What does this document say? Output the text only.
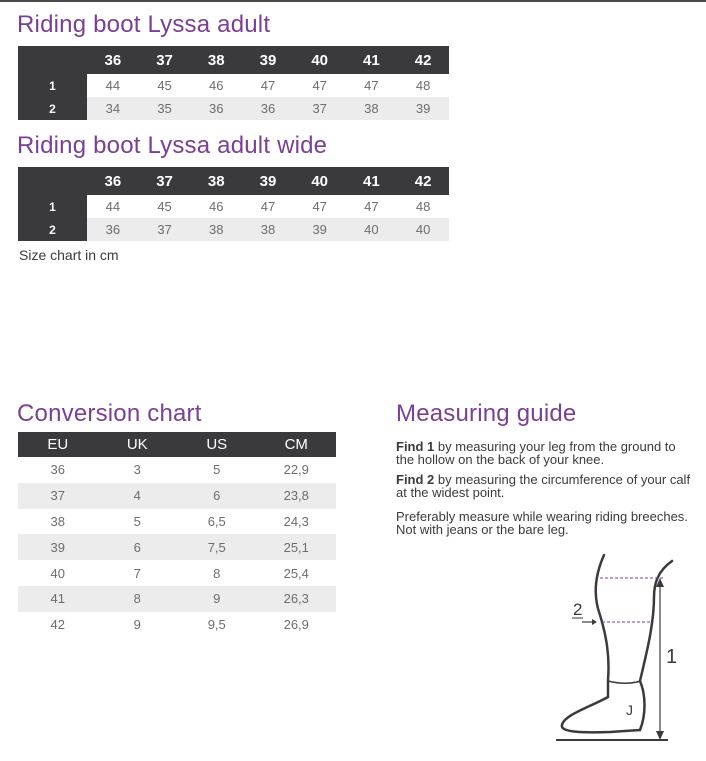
Riding boot Lyssa adult
	36	37	38	39	40	41	42
1	44	45	46	47	47	47	48
2	34	35	36	36	37	38	39
Riding boot Lyssa adult wide
	36	37	38	39	40	41	42
1	44	45	46	47	47	47	48
2	36	37	38	38	39	40	40
Size chart in cm
Conversion chart
EU	UK	US	CM
36	3	5	22,9
37	4	6	23,8
38	5	6,5	24,3
39	6	7,5	25,1
40	7	8	25,4
41	8	9	26,3
42	9	9,5	26,9
Measuring guide

Find 1 by measuring your leg from the ground to the hollow on the back of your knee.

Find 2 by measuring the circumference of your calf at the widest point.

Preferably measure while wearing riding breeches. Not with jeans or the bare leg.

2
1
J
